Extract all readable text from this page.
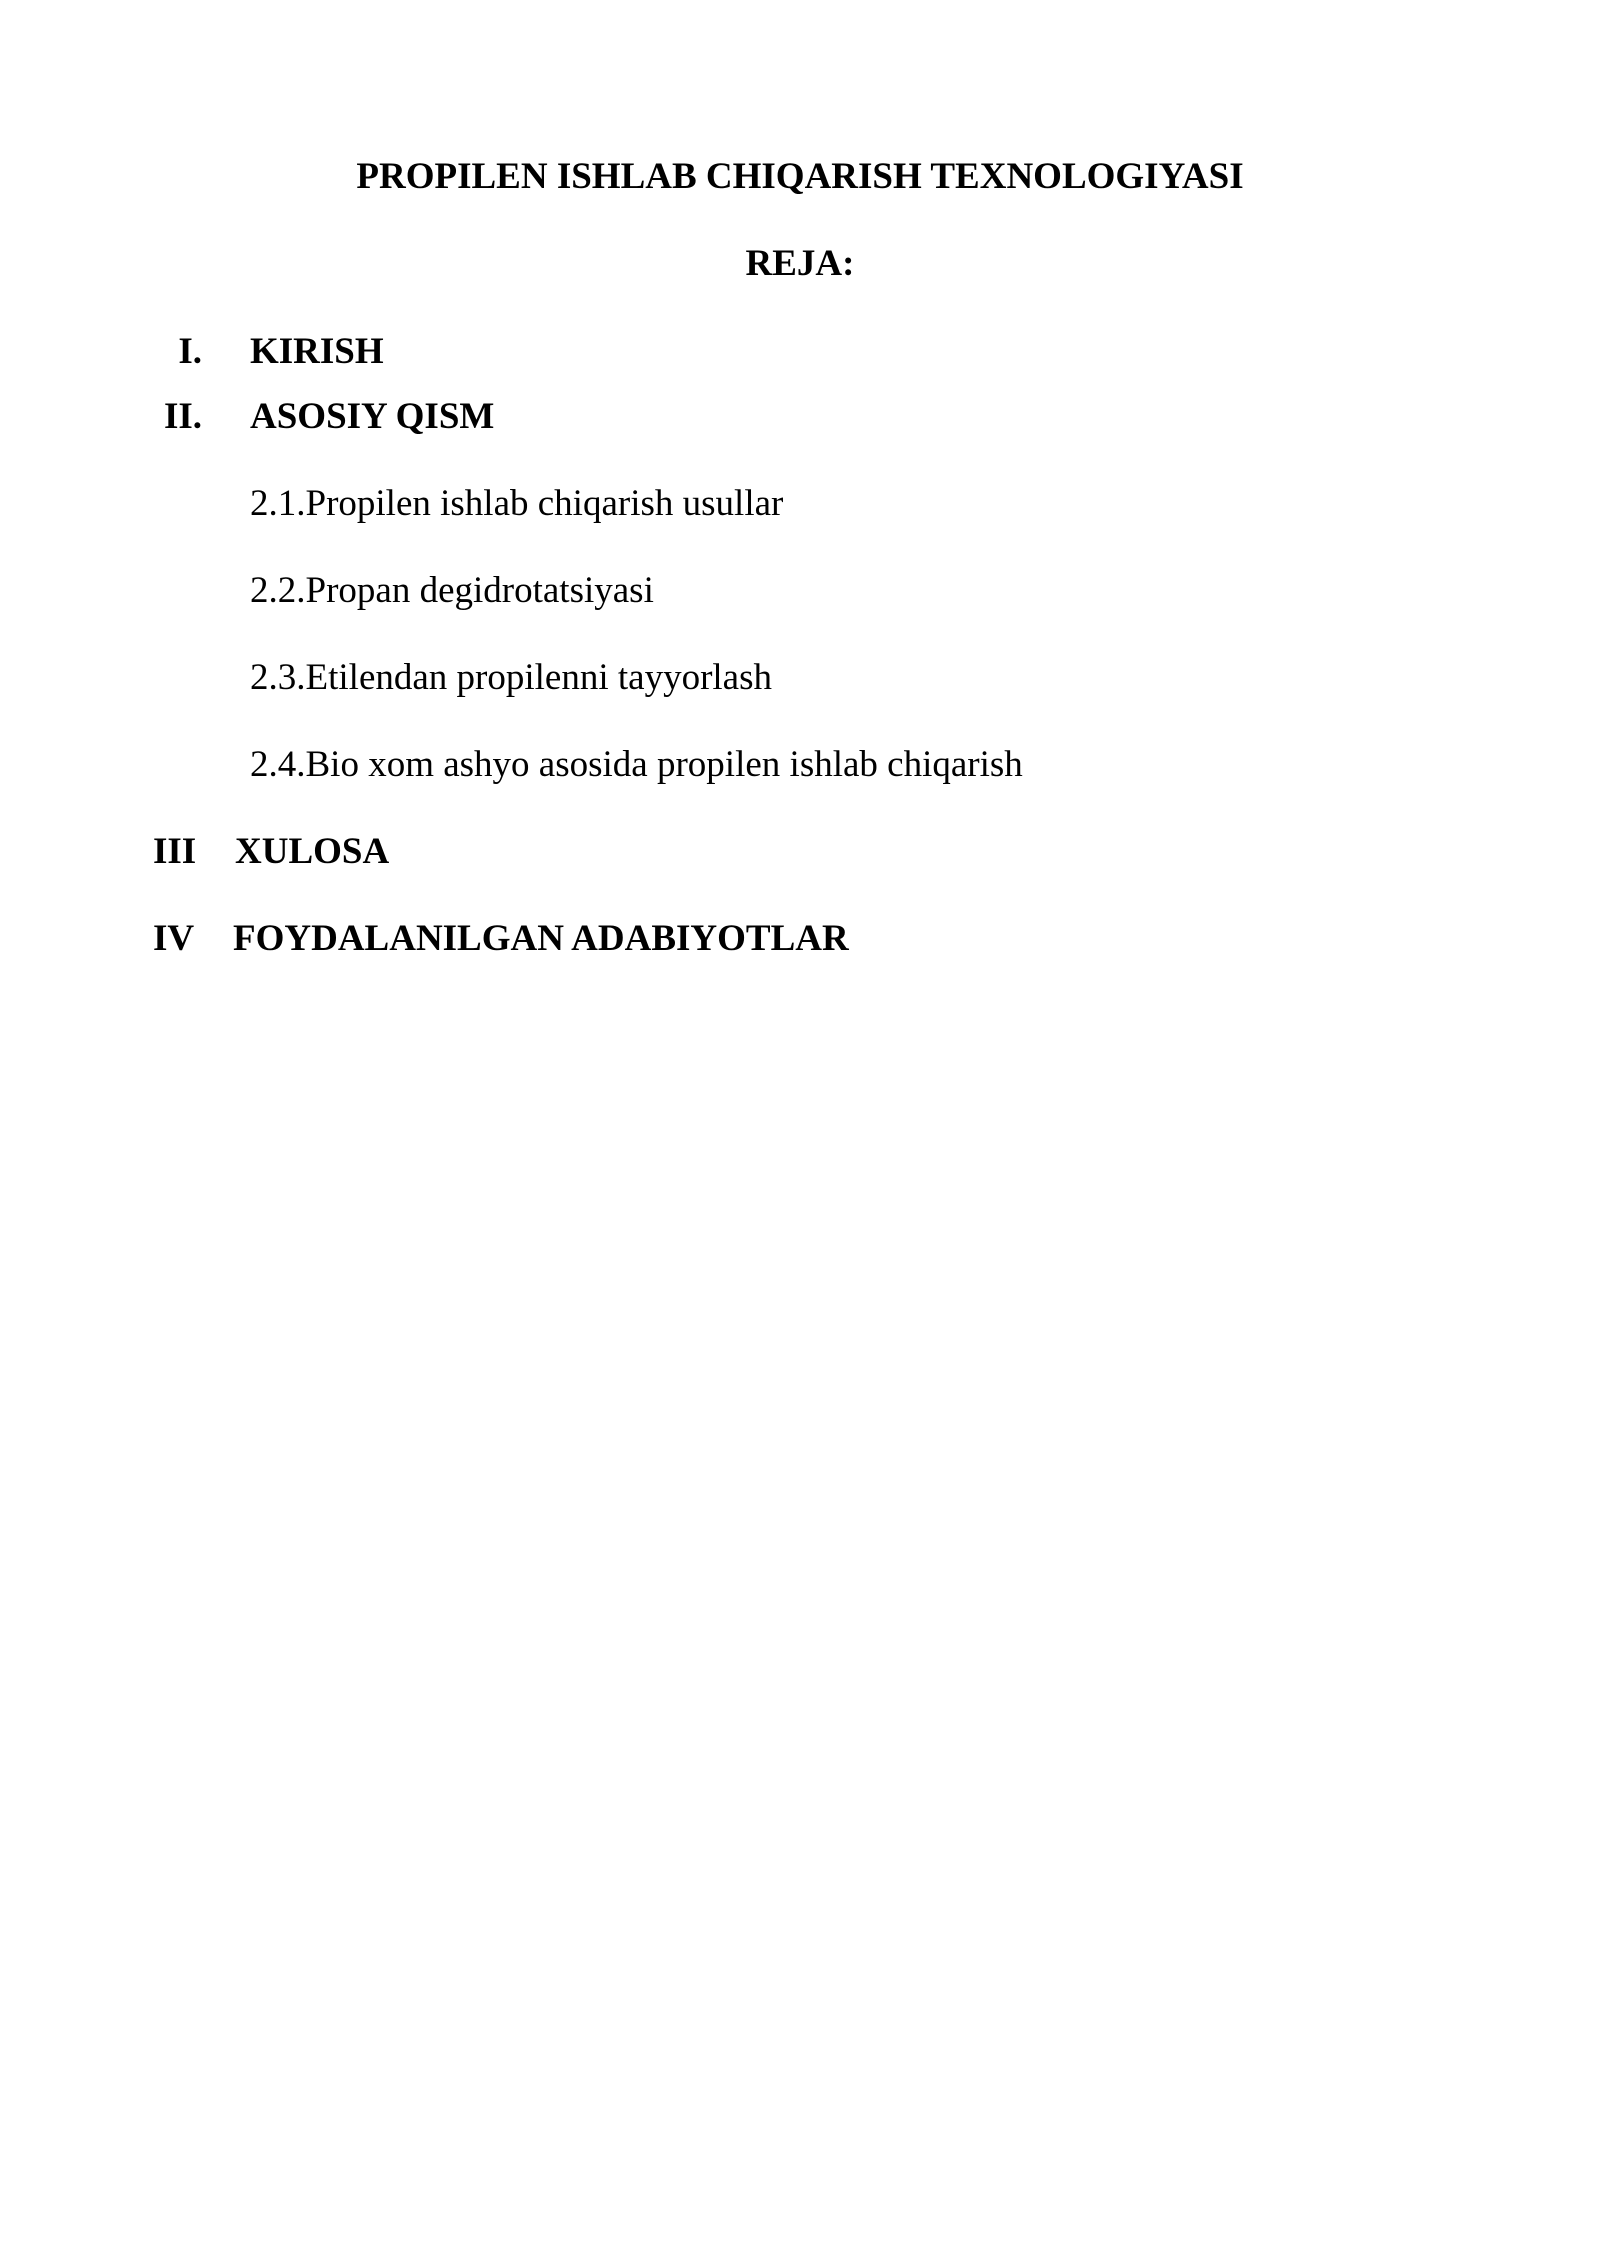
PROPILEN ISHLAB CHIQARISH TEXNOLOGIYASI
REJA:
I. KIRISH
II. ASOSIY QISM
2.1.Propilen ishlab chiqarish usullar
2.2.Propan degidrotatsiyasi
2.3.Etilendan propilenni tayyorlash
2.4.Bio xom ashyo asosida propilen ishlab chiqarish
III XULOSA
IV FOYDALANILGAN ADABIYOTLAR
